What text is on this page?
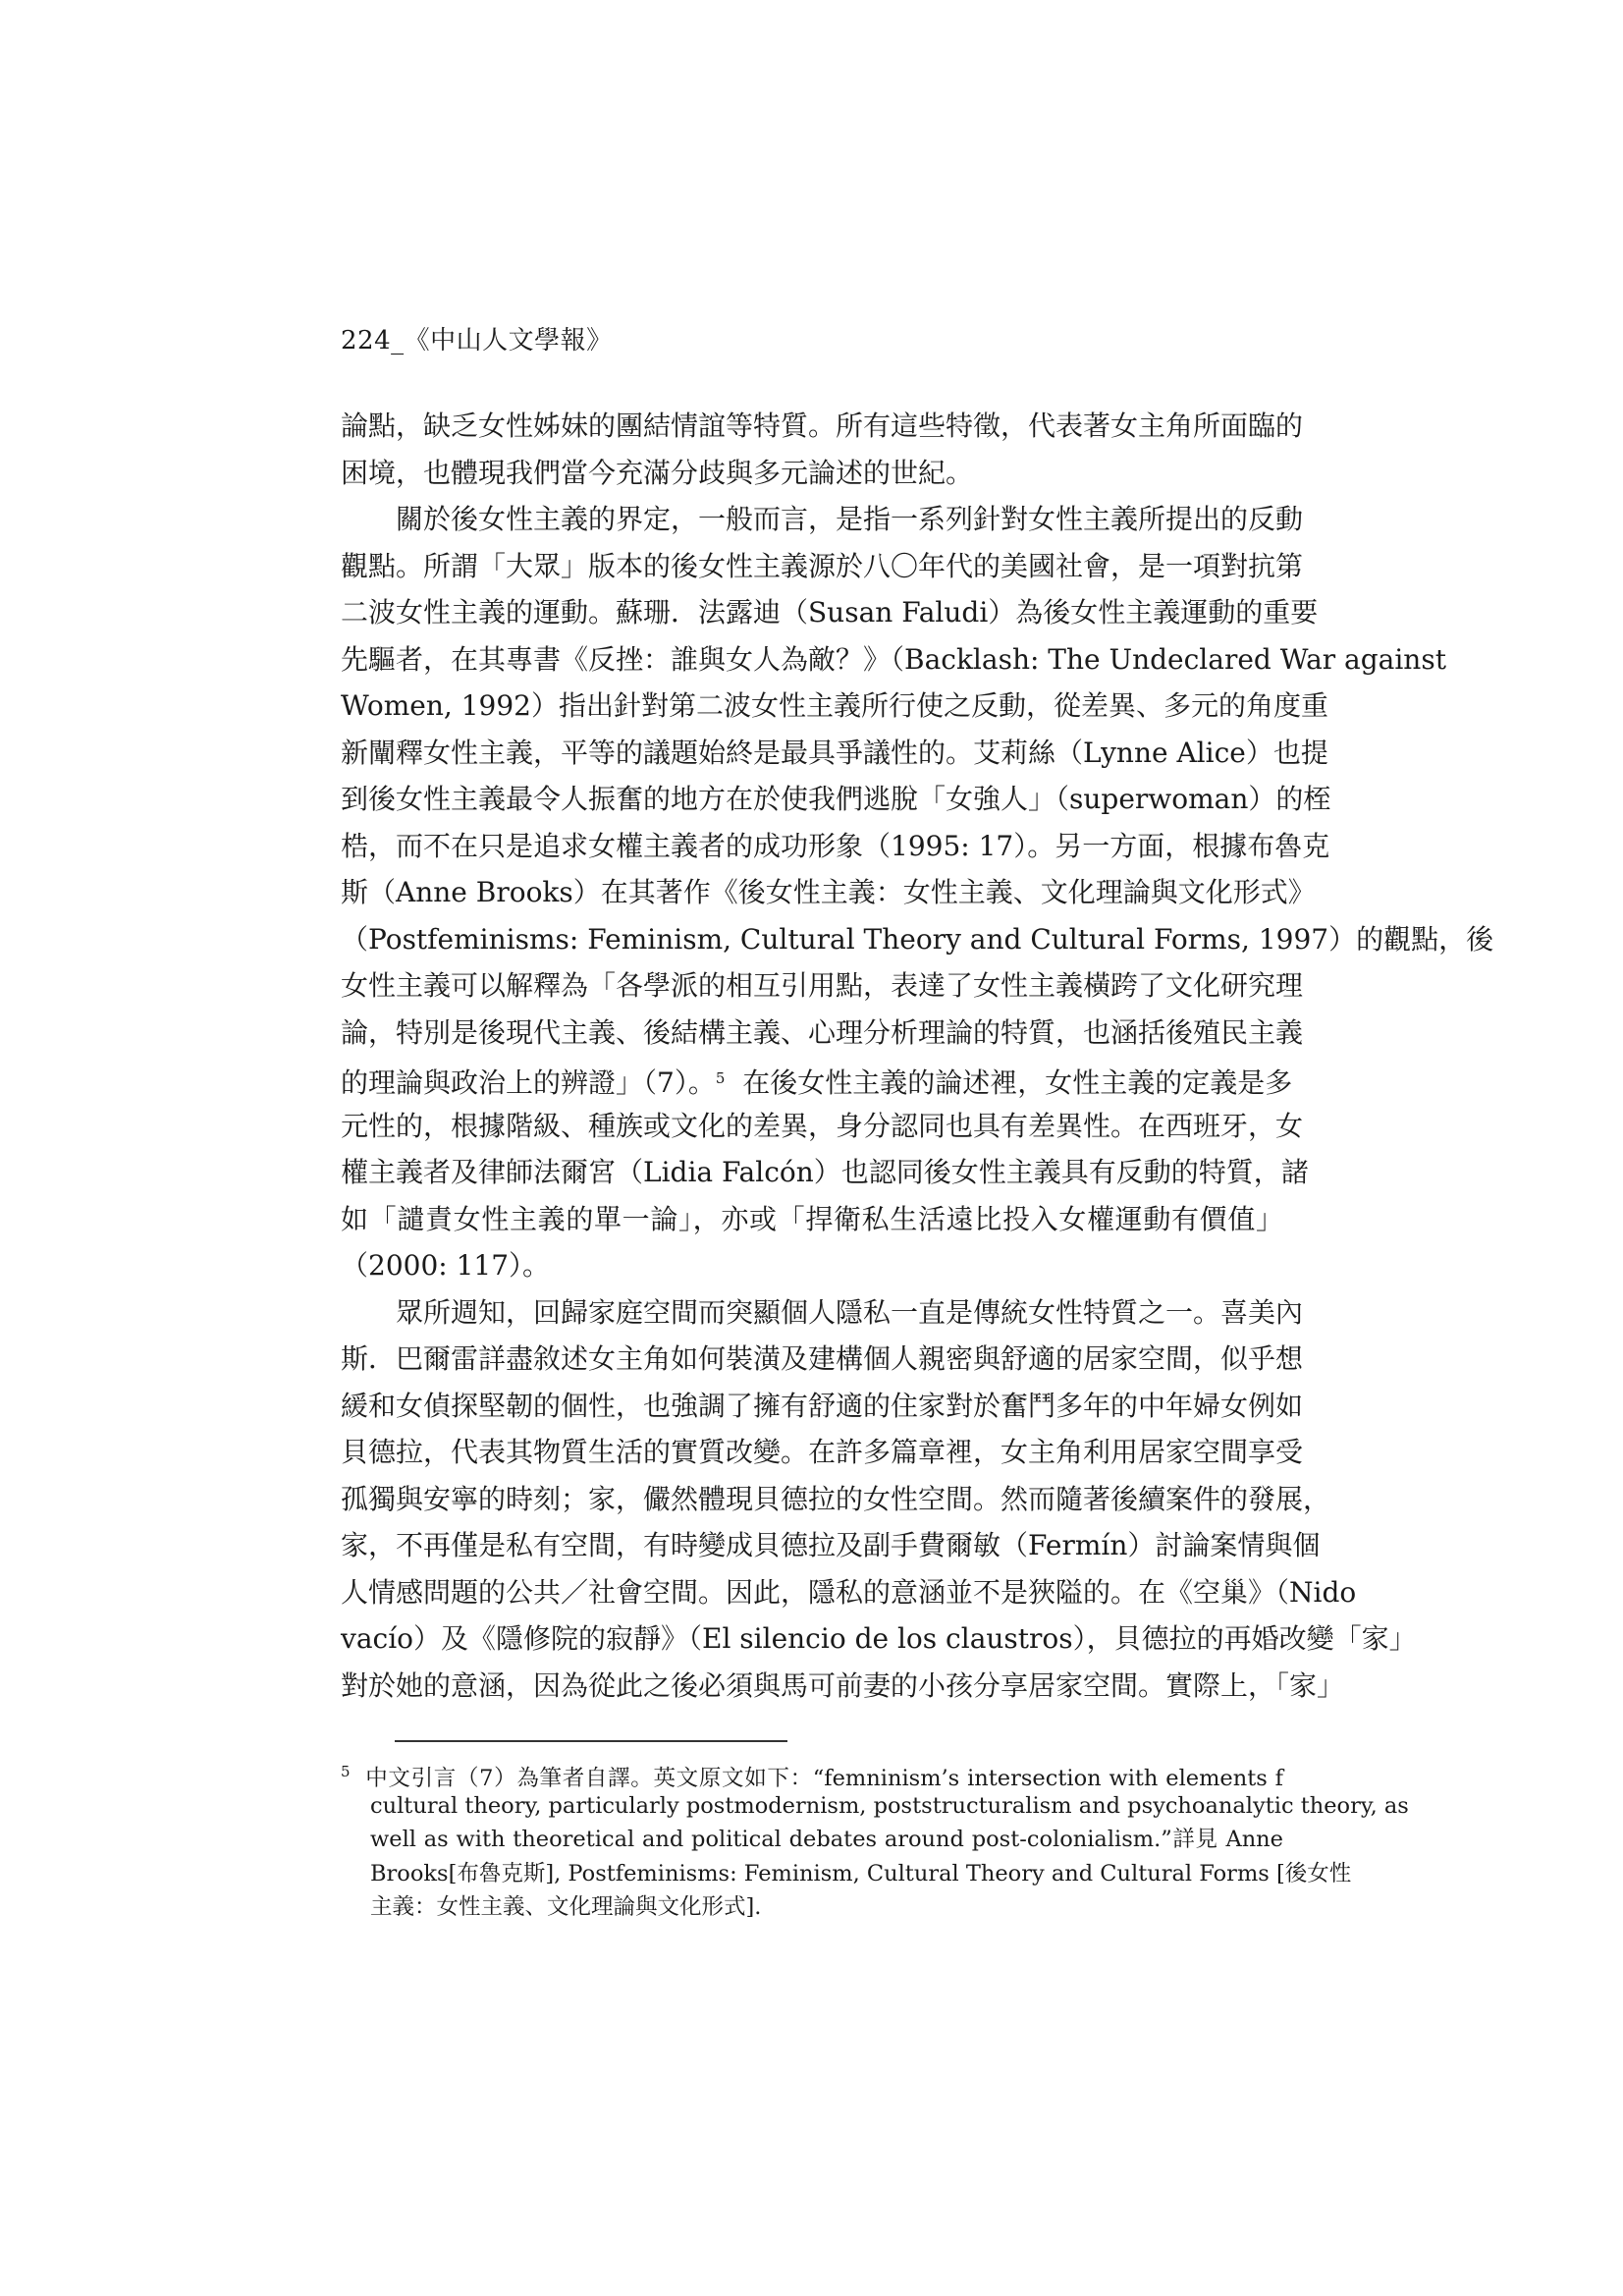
224_《中山人文學報》
論點，缺乏女性姊妹的團結情誼等特質。所有這些特徵，代表著女主角所面臨的
困境，也體現我們當今充滿分歧與多元論述的世紀。
關於後女性主義的界定，一般而言，是指一系列針對女性主義所提出的反動
觀點。所謂「大眾」版本的後女性主義源於八〇年代的美國社會，是一項對抗第
二波女性主義的運動。蘇珊．法露迪（Susan Faludi）為後女性主義運動的重要
先驅者，在其專書《反挫：誰與女人為敵？》（Backlash: The Undeclared War against
Women, 1992）指出針對第二波女性主義所行使之反動，從差異、多元的角度重
新闡釋女性主義，平等的議題始終是最具爭議性的。艾莉絲（Lynne Alice）也提
到後女性主義最令人振奮的地方在於使我們逃脫「女強人」（superwoman）的桎
梏，而不在只是追求女權主義者的成功形象（1995: 17）。另一方面，根據布魯克
斯（Anne Brooks）在其著作《後女性主義：女性主義、文化理論與文化形式》
（Postfeminisms: Feminism, Cultural Theory and Cultural Forms, 1997）的觀點，後
女性主義可以解釋為「各學派的相互引用點，表達了女性主義橫跨了文化研究理
論，特別是後現代主義、後結構主義、心理分析理論的特質，也涵括後殖民主義
的理論與政治上的辨證」（7）。$^5$ 在後女性主義的論述裡，女性主義的定義是多
元性的，根據階級、種族或文化的差異，身分認同也具有差異性。在西班牙，女
權主義者及律師法爾宮（Lidia Falcón）也認同後女性主義具有反動的特質，諸
如「譴責女性主義的單一論」，亦或「捍衛私生活遠比投入女權運動有價值」
（2000: 117）。
眾所週知，回歸家庭空間而突顯個人隱私一直是傳統女性特質之一。喜美內
斯．巴爾雷詳盡敘述女主角如何裝潢及建構個人親密與舒適的居家空間，似乎想
緩和女偵探堅韌的個性，也強調了擁有舒適的住家對於奮鬥多年的中年婦女例如
貝德拉，代表其物質生活的實質改變。在許多篇章裡，女主角利用居家空間享受
孤獨與安寧的時刻；家，儼然體現貝德拉的女性空間。然而隨著後續案件的發展，
家，不再僅是私有空間，有時變成貝德拉及副手費爾敏（Fermín）討論案情與個
人情感問題的公共／社會空間。因此，隱私的意涵並不是狹隘的。在《空巢》（Nido
vacío）及《隱修院的寂靜》（El silencio de los claustros），貝德拉的再婚改變「家」
對於她的意涵，因為從此之後必須與馬可前妻的小孩分享居家空間。實際上，「家」
$^5$ 中文引言（7）為筆者自譯。英文原文如下：“femninism’s intersection with elements f
cultural theory, particularly postmodernism, poststructuralism and psychoanalytic theory, as
well as with theoretical and political debates around post-colonialism.”詳見 Anne
Brooks[布魯克斯], Postfeminisms: Feminism, Cultural Theory and Cultural Forms [後女性
主義：女性主義、文化理論與文化形式].
